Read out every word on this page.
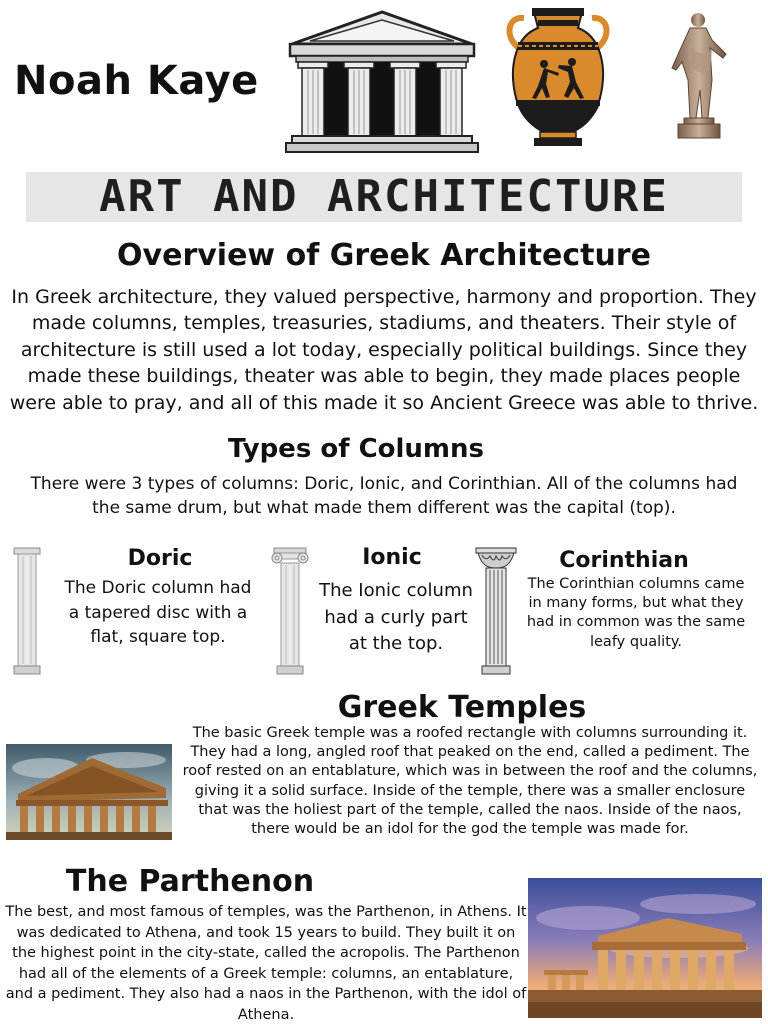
Noah Kaye
ART AND ARCHITECTURE
Overview of Greek Architecture
In Greek architecture, they valued perspective, harmony and proportion. They made columns, temples, treasuries, stadiums, and theaters. Their style of architecture is still used a lot today, especially political buildings. Since they made these buildings, theater was able to begin, they made places people were able to pray, and all of this made it so Ancient Greece was able to thrive.
Types of Columns
There were 3 types of columns: Doric, Ionic, and Corinthian. All of the columns had the same drum, but what made them different was the capital (top).
Doric
The Doric column had a tapered disc with a flat, square top.
Ionic
The Ionic column had a curly part at the top.
Corinthian
The Corinthian columns came in many forms, but what they had in common was the same leafy quality.
Greek Temples
The basic Greek temple was a roofed rectangle with columns surrounding it. They had a long, angled roof that peaked on the end, called a pediment. The roof rested on an entablature, which was in between the roof and the columns, giving it a solid surface. Inside of the temple, there was a smaller enclosure that was the holiest part of the temple, called the naos. Inside of the naos, there would be an idol for the god the temple was made for.
The Parthenon
The best, and most famous of temples, was the Parthenon, in Athens. It was dedicated to Athena, and took 15 years to build. They built it on the highest point in the city-state, called the acropolis. The Parthenon had all of the elements of a Greek temple: columns, an entablature, and a pediment. They also had a naos in the Parthenon, with the idol of Athena.
